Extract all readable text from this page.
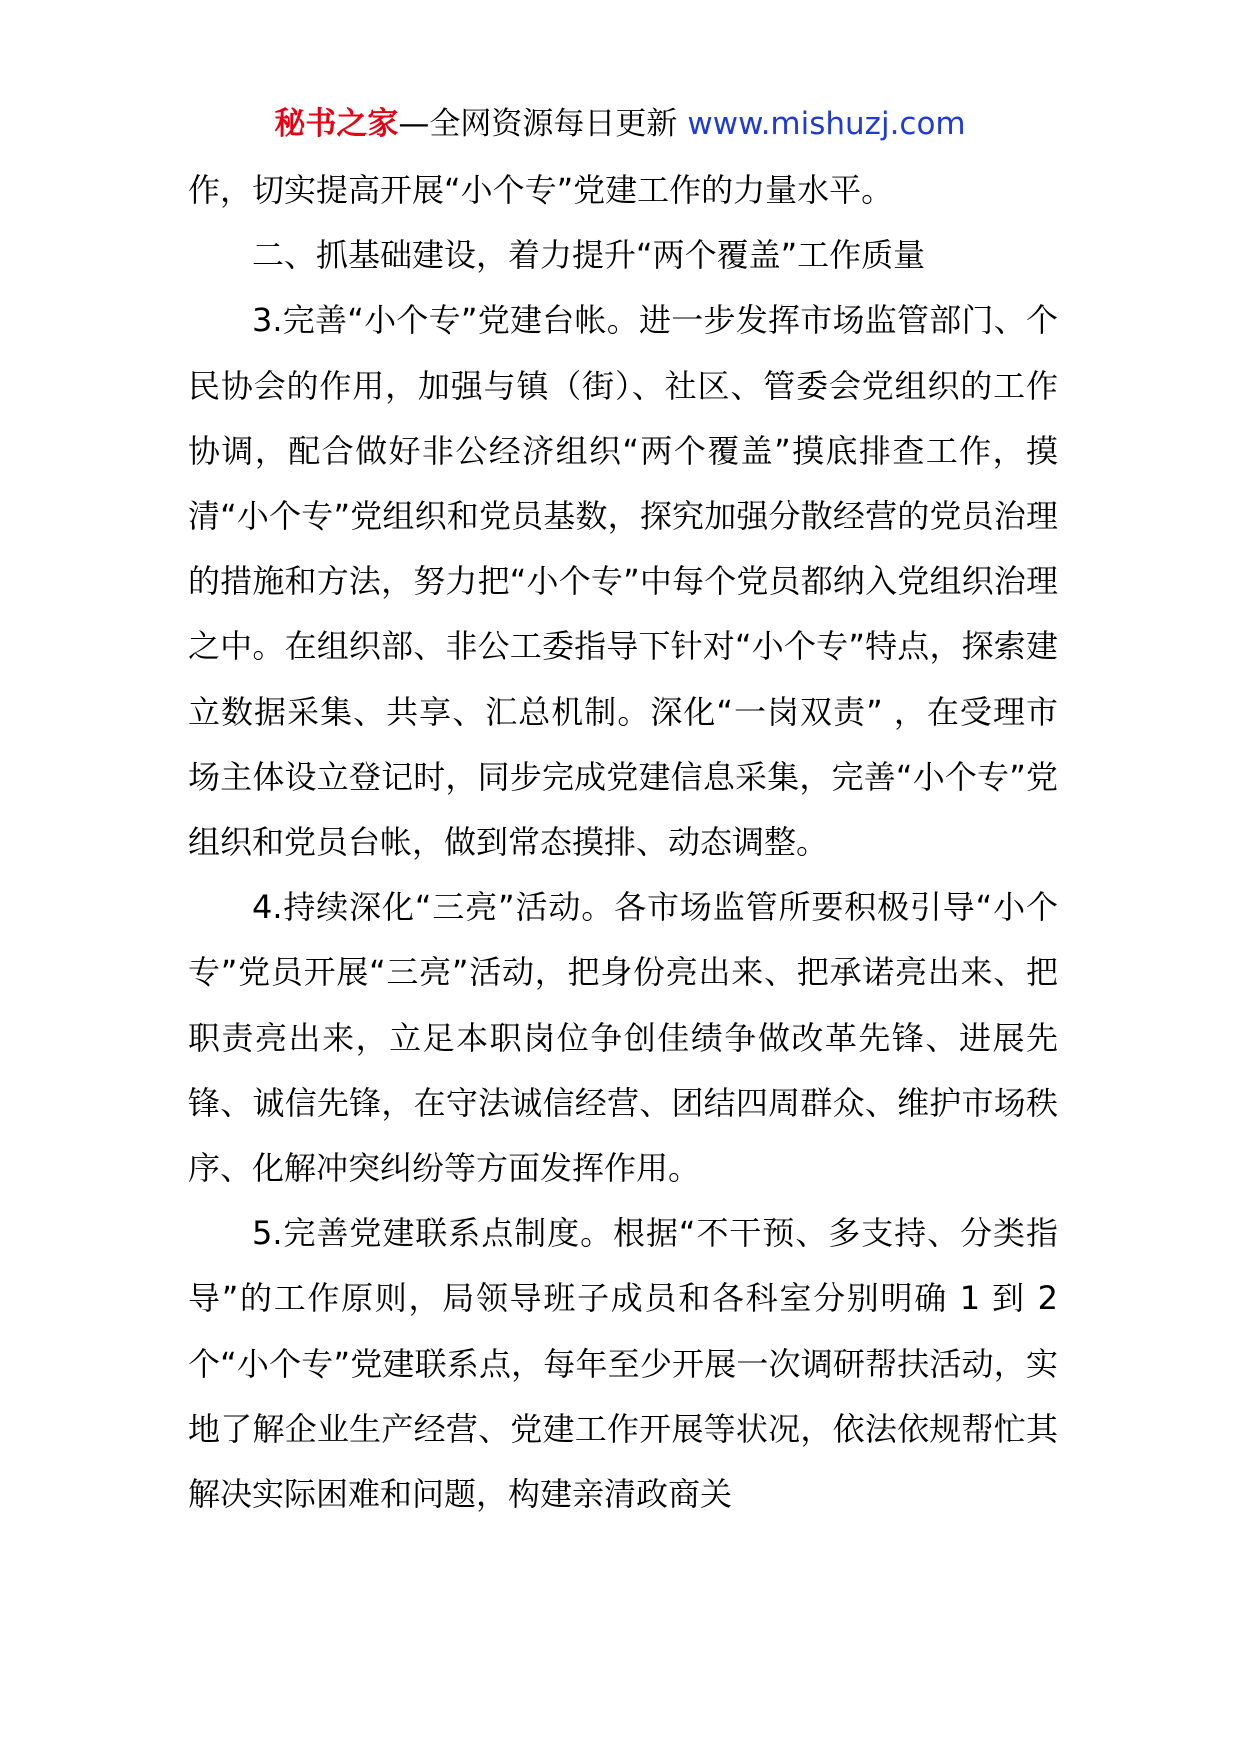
秘书之家—全网资源每日更新 www.mishuzj.com

作，切实提高开展“小个专”党建工作的力量水平。

二、抓基础建设，着力提升“两个覆盖”工作质量

3.完善“小个专”党建台帐。进一步发挥市场监管部门、个民协会的作用，加强与镇（街）、社区、管委会党组织的工作协调，配合做好非公经济组织“两个覆盖”摸底排查工作，摸清“小个专”党组织和党员基数，探究加强分散经营的党员治理的措施和方法，努力把“小个专”中每个党员都纳入党组织治理之中。在组织部、非公工委指导下针对“小个专”特点，探索建立数据采集、共享、汇总机制。深化“一岗双责” ，在受理市场主体设立登记时，同步完成党建信息采集，完善“小个专”党组织和党员台帐，做到常态摸排、动态调整。

4.持续深化“三亮”活动。各市场监管所要积极引导“小个专”党员开展“三亮”活动，把身份亮出来、把承诺亮出来、把职责亮出来，立足本职岗位争创佳绩争做改革先锋、进展先锋、诚信先锋，在守法诚信经营、团结四周群众、维护市场秩序、化解冲突纠纷等方面发挥作用。

5.完善党建联系点制度。根据“不干预、多支持、分类指导”的工作原则，局领导班子成员和各科室分别明确 1 到 2 个“小个专”党建联系点，每年至少开展一次调研帮扶活动，实地了解企业生产经营、党建工作开展等状况，依法依规帮忙其解决实际困难和问题，构建亲清政商关
